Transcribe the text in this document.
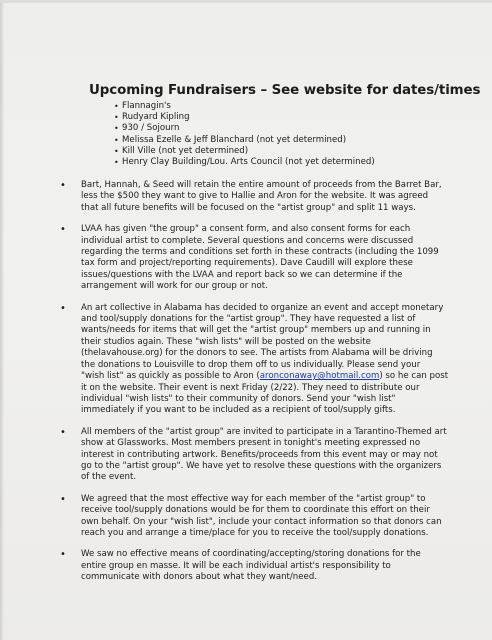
Upcoming Fundraisers – See website for dates/times
• Flannagin's
• Rudyard Kipling
• 930 / Sojourn
• Melissa Ezelle & Jeff Blanchard (not yet determined)
• Kill Ville (not yet determined)
• Henry Clay Building/Lou. Arts Council (not yet determined)

• Bart, Hannah, & Seed will retain the entire amount of proceeds from the Barret Bar,

less the $500 they want to give to Hallie and Aron for the website. It was agreed

that all future benefits will be focused on the "artist group" and split 11 ways.

• LVAA has given "the group" a consent form, and also consent forms for each

individual artist to complete. Several questions and concerns were discussed

regarding the terms and conditions set forth in these contracts (including the 1099

tax form and project/reporting requirements). Dave Caudill will explore these

issues/questions with the LVAA and report back so we can determine if the

arrangement will work for our group or not.

• An art collective in Alabama has decided to organize an event and accept monetary

and tool/supply donations for the "artist group". They have requested a list of

wants/needs for items that will get the "artist group" members up and running in

their studios again. These "wish lists" will be posted on the website

(thelavahouse.org) for the donors to see. The artists from Alabama will be driving

the donations to Louisville to drop them off to us individually. Please send your

"wish list" as quickly as possible to Aron (aronconaway@hotmail.com) so he can post

it on the website. Their event is next Friday (2/22). They need to distribute our

individual "wish lists" to their community of donors. Send your "wish list"

immediately if you want to be included as a recipient of tool/supply gifts.

• All members of the "artist group" are invited to participate in a Tarantino-Themed art

show at Glassworks. Most members present in tonight's meeting expressed no

interest in contributing artwork. Benefits/proceeds from this event may or may not

go to the "artist group". We have yet to resolve these questions with the organizers

of the event.

• We agreed that the most effective way for each member of the "artist group" to

receive tool/supply donations would be for them to coordinate this effort on their

own behalf. On your "wish list", include your contact information so that donors can

reach you and arrange a time/place for you to receive the tool/supply donations.

• We saw no effective means of coordinating/accepting/storing donations for the

entire group en masse. It will be each individual artist's responsibility to

communicate with donors about what they want/need.
